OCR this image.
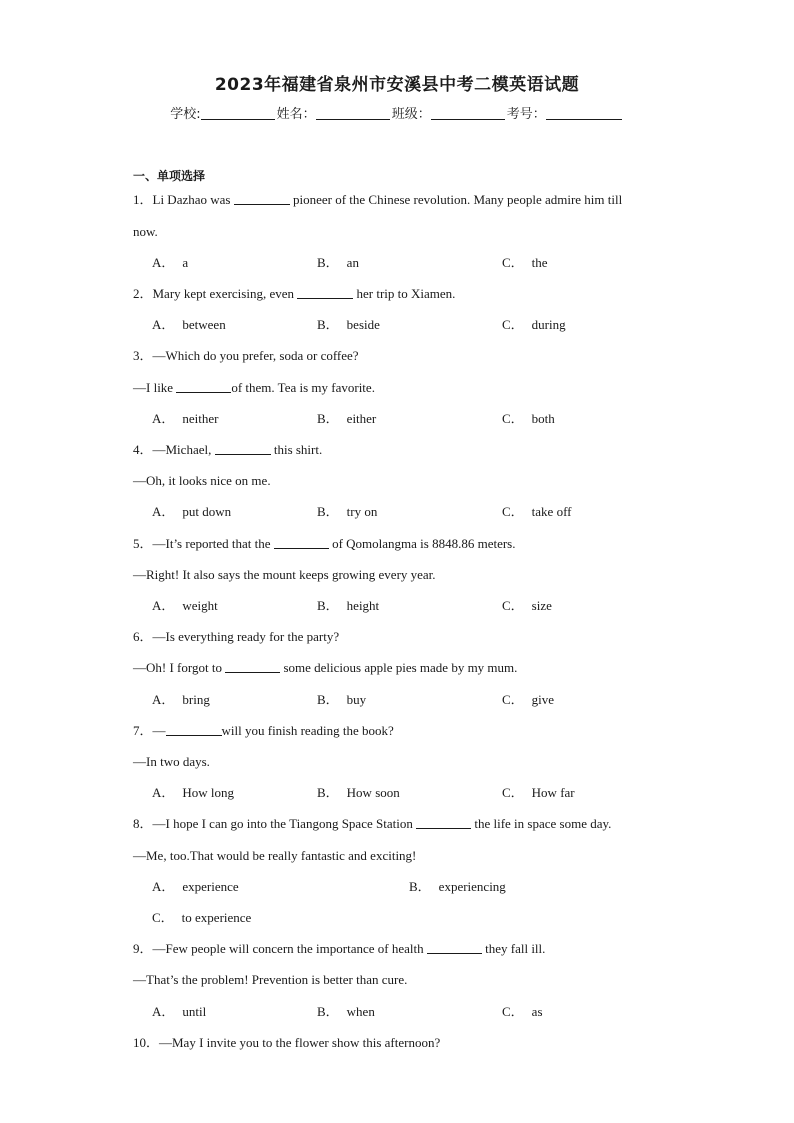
2023年福建省泉州市安溪县中考二模英语试题
学校:	姓名：	班级：	考号：
一、单项选择
1．Li Dazhao was	pioneer of the Chinese revolution. Many people admire him till
now.
A． a	B． an	C． the
2．Mary kept exercising, even	her trip to Xiamen.
A． between	B． beside	C． during
3．—Which do you prefer, soda or coffee?
—I like	of them. Tea is my favorite.
A． neither	B． either	C． both
4．—Michael,	this shirt.
—Oh, it looks nice on me.
A． put down	B． try on	C． take off
5．—It’s reported that the	of Qomolangma is 8848.86 meters.
—Right! It also says the mount keeps growing every year.
A． weight	B． height	C． size
6．—Is everything ready for the party?
—Oh! I forgot to	some delicious apple pies made by my mum.
A． bring	B． buy	C． give
7．—	will you finish reading the book?
—In two days.
A． How long	B． How soon	C． How far
8．—I hope I can go into the Tiangong Space Station	the life in space some day.
—Me, too.That would be really fantastic and exciting!
A． experience	B． experiencing
C． to experience
9．—Few people will concern the importance of health	they fall ill.
—That’s the problem! Prevention is better than cure.
A． until	B． when	C． as
10．—May I invite you to the flower show this afternoon?
